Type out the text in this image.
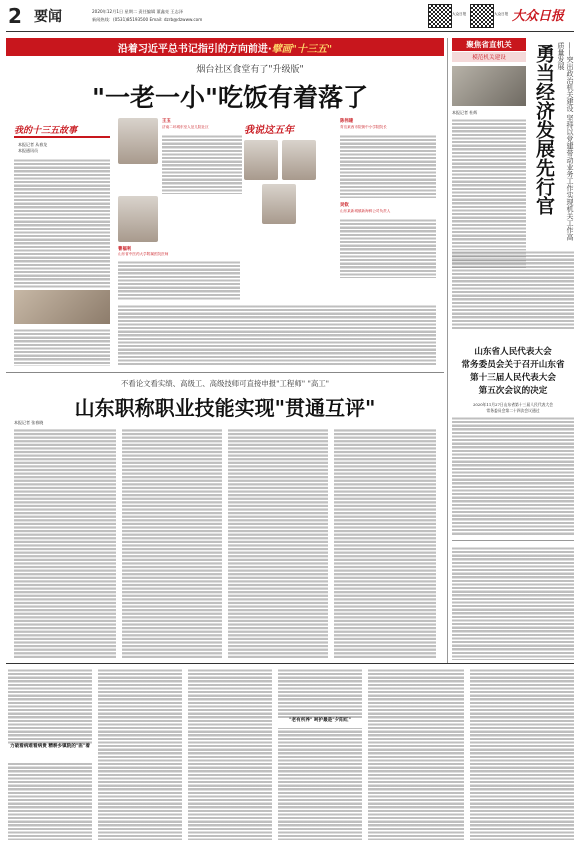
2 要闻	2020年12月1日 星期二 责任编辑 董鑫亮 王志泽
新闻热线：(0531)85193500 Email: dzrb@dzwww.com
大众日报	大众日报 大众日报
沿着习近平总书记指引的方向前进· 擘画"十三五"
烟台社区食堂有了"升级版"
"一老一小"吃饭有着落了
我的十三五故事
本报记者 从春龙
本报通讯员
王玉
济南二环城东至人征儿院社区
曹福利
山东省中医药大学附属医院医师
我说这五年
陈伟建
青岛莱西市院街中小学院院长
吴钦
山东某新城镇新海鲜公司负责人
不看论文看实绩、高级工、高级技师可直接申报"工程师" "高工"
山东职称职业技能实现"贯通互评"
本报记者 张春晓
聚焦省直机关
模范机关建设 勇当经济发展先行官	——突出政治机关建设 坚持以党建带动业务工作实现机关工作高质量发展
本报记者 杜辉
山东省人民代表大会
常务委员会关于召开山东省
第十三届人民代表大会
第五次会议的决定
2020年11月27日山东省第十三届人民代表大会
常务委员会第二十四次会议通过
力破看病难看病贵 精耕乡镇院的"医"着
"老有所养" 呵护最是"夕阳红"
